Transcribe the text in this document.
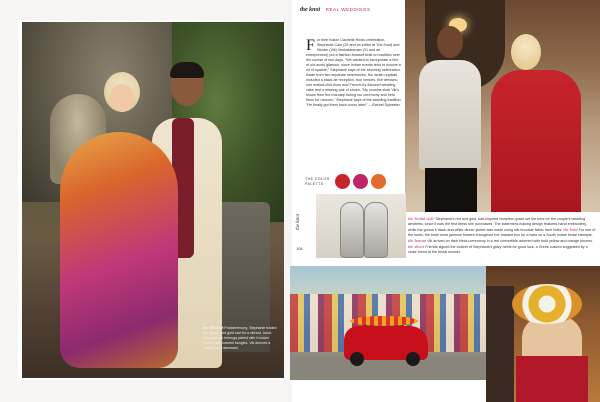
the GROOM Postceremony, Stephanie traded her cream and gold sari for a vibrant, hand-embroidered lehenga paired with Kundan jewelry and colorful bangles. Vik donned a classic ivory sherwani.
the knot REAL WEDDINGS
F or their fusion Cachelle Hindu celebration, Stephanie Cain (25 and an editor at The Knot) and Vikram (Vik) Venkataraman (31 and an entrepreneur) put a fashion-forward twist on tradition over the course of two days. "We wanted to incorporate a hint of old-world glamour, since Indian events tend to involve a lot of sparkle," Stephanie says of the stunning celebration. Aside from two separate ceremonies, the lavish nuptials included a black-tie reception, four venues, five dresses, one mailed-chili-rhum and French-fry-flavored wedding cake and a missing pair of shoes. "My cousins stole Vik's shoes from the mandap during our ceremony and held them for ransom," Stephanie says of the wedding tradition. "He finally got them back hours later!" —Rachel Sylvester
THE COLOR
PALETTE:
the knot
106
the bridal style Stephanie's red and gold, sari-inspired reception gown set the tone for the couple's wedding aesthetic, since it was the first dress she purchased. The statement-making design featured hand embroidery, while the groom's black-and-white dinner jacket was made using silk brocade fabric from India. the bold For one of the looks, the bride wore jasmine flowers throughout her braided bun for a twist on a South Indian bridal hairstyle. the baraat Vik arrived on their Hindu ceremony in a red convertible adorned with bold yellow and orange blooms. the shoes Friends signed the bottom of Stephanie's glitzy heels for good luck, a Greek custom suggested by a close friend at the bridal shower.
